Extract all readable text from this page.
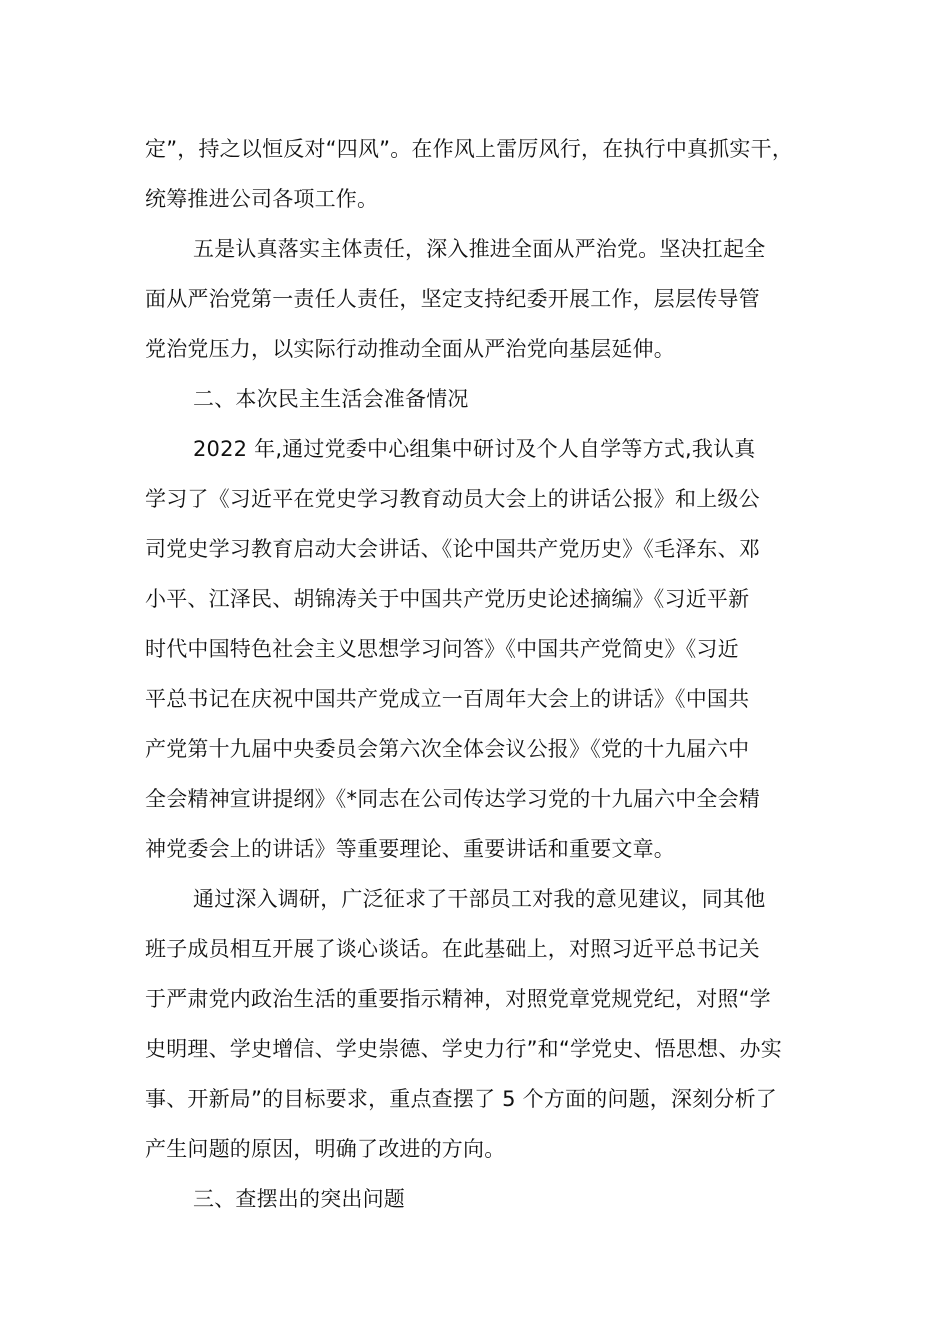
定”，持之以恒反对“四风”。在作风上雷厉风行，在执行中真抓实干，
统筹推进公司各项工作。
五是认真落实主体责任，深入推进全面从严治党。坚决扛起全
面从严治党第一责任人责任，坚定支持纪委开展工作，层层传导管
党治党压力，以实际行动推动全面从严治党向基层延伸。
二、本次民主生活会准备情况
2022 年,通过党委中心组集中研讨及个人自学等方式,我认真
学习了《习近平在党史学习教育动员大会上的讲话公报》和上级公
司党史学习教育启动大会讲话、《论中国共产党历史》《毛泽东、邓
小平、江泽民、胡锦涛关于中国共产党历史论述摘编》《习近平新
时代中国特色社会主义思想学习问答》《中国共产党简史》《习近
平总书记在庆祝中国共产党成立一百周年大会上的讲话》《中国共
产党第十九届中央委员会第六次全体会议公报》《党的十九届六中
全会精神宣讲提纲》《*同志在公司传达学习党的十九届六中全会精
神党委会上的讲话》等重要理论、重要讲话和重要文章。
通过深入调研，广泛征求了干部员工对我的意见建议，同其他
班子成员相互开展了谈心谈话。在此基础上，对照习近平总书记关
于严肃党内政治生活的重要指示精神，对照党章党规党纪，对照“学
史明理、学史增信、学史崇德、学史力行”和“学党史、悟思想、办实
事、开新局”的目标要求，重点查摆了 5 个方面的问题，深刻分析了
产生问题的原因，明确了改进的方向。
三、查摆出的突出问题
